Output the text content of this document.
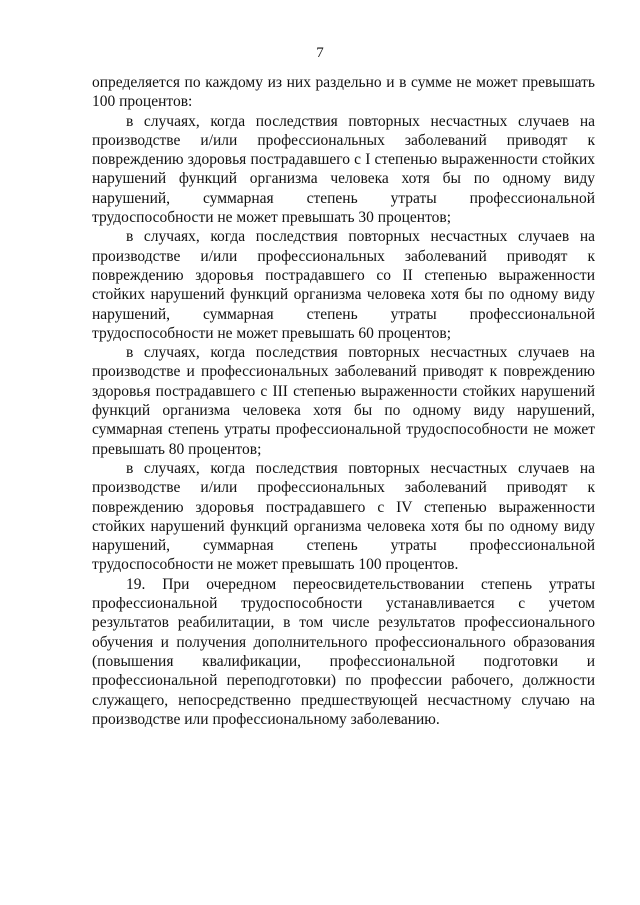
7

определяется по каждому из них раздельно и в сумме не может превышать 100 процентов:

в случаях, когда последствия повторных несчастных случаев на производстве и/или профессиональных заболеваний приводят к повреждению здоровья пострадавшего с I степенью выраженности стойких нарушений функций организма человека хотя бы по одному виду нарушений, суммарная степень утраты профессиональной трудоспособности не может превышать 30 процентов;

в случаях, когда последствия повторных несчастных случаев на производстве и/или профессиональных заболеваний приводят к повреждению здоровья пострадавшего со II степенью выраженности стойких нарушений функций организма человека хотя бы по одному виду нарушений, суммарная степень утраты профессиональной трудоспособности не может превышать 60 процентов;

в случаях, когда последствия повторных несчастных случаев на производстве и профессиональных заболеваний приводят к повреждению здоровья пострадавшего с III степенью выраженности стойких нарушений функций организма человека хотя бы по одному виду нарушений, суммарная степень утраты профессиональной трудоспособности не может превышать 80 процентов;

в случаях, когда последствия повторных несчастных случаев на производстве и/или профессиональных заболеваний приводят к повреждению здоровья пострадавшего с IV степенью выраженности стойких нарушений функций организма человека хотя бы по одному виду нарушений, суммарная степень утраты профессиональной трудоспособности не может превышать 100 процентов.

19. При очередном переосвидетельствовании степень утраты профессиональной трудоспособности устанавливается с учетом результатов реабилитации, в том числе результатов профессионального обучения и получения дополнительного профессионального образования (повышения квалификации, профессиональной подготовки и профессиональной переподготовки) по профессии рабочего, должности служащего, непосредственно предшествующей несчастному случаю на производстве или профессиональному заболеванию.
